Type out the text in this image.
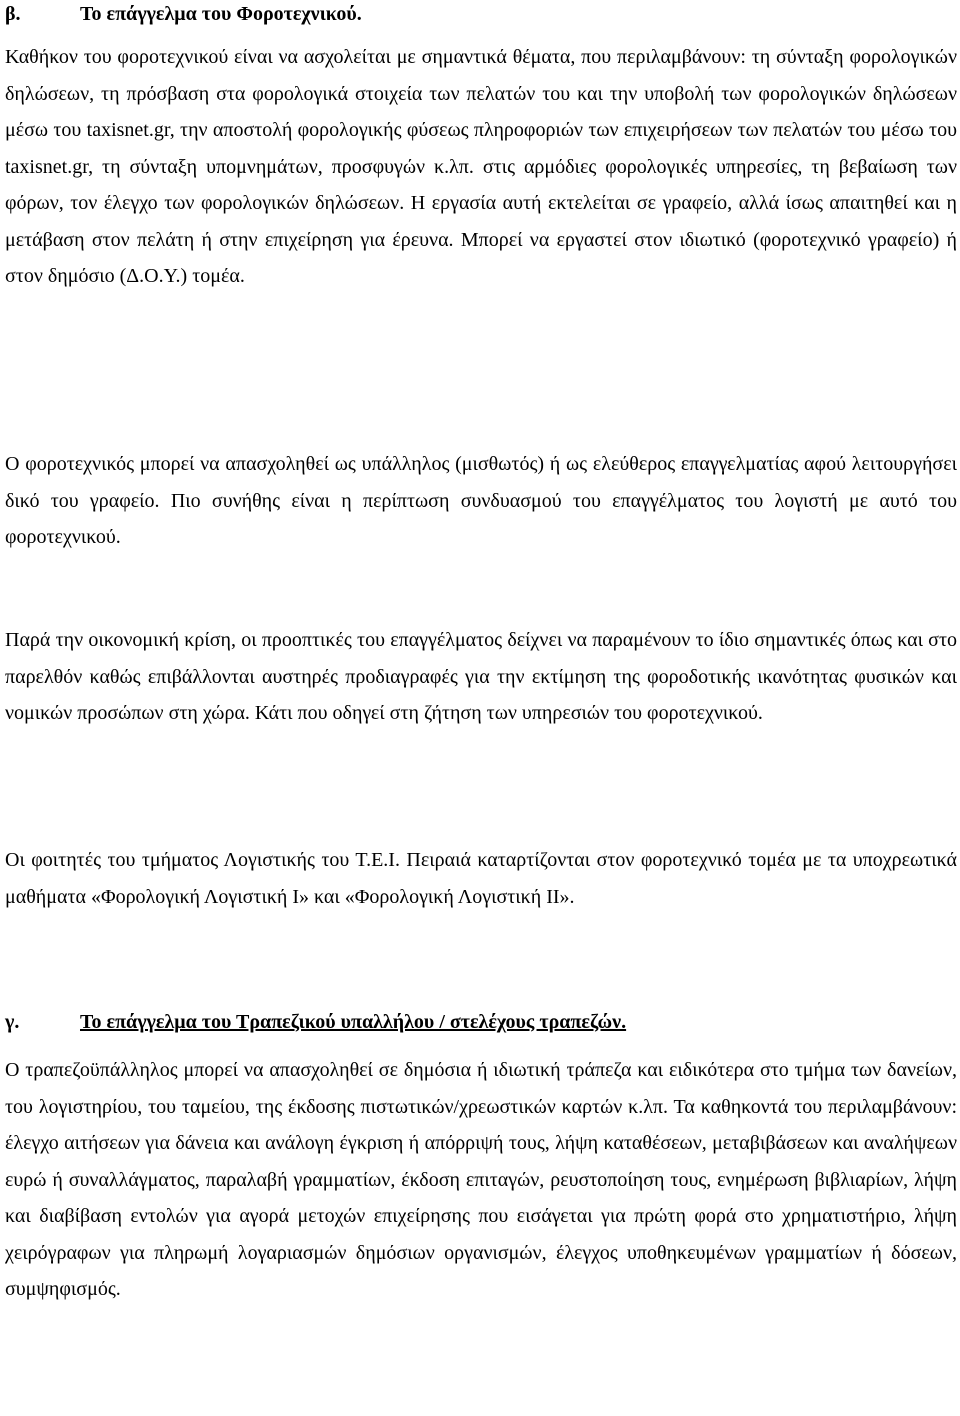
β.	Το επάγγελμα του Φοροτεχνικού.

Καθήκον του φοροτεχνικού είναι να ασχολείται με σημαντικά θέματα, που περιλαμβάνουν: τη σύνταξη φορολογικών δηλώσεων, τη πρόσβαση στα φορολογικά στοιχεία των πελατών του και την υποβολή των φορολογικών δηλώσεων μέσω του taxisnet.gr, την αποστολή φορολογικής φύσεως πληροφοριών των επιχειρήσεων των πελατών του μέσω του taxisnet.gr, τη σύνταξη υπομνημάτων, προσφυγών κ.λπ. στις αρμόδιες φορολογικές υπηρεσίες, τη βεβαίωση των φόρων, τον έλεγχο των φορολογικών δηλώσεων. Η εργασία αυτή εκτελείται σε γραφείο, αλλά ίσως απαιτηθεί και η μετάβαση στον πελάτη ή στην επιχείρηση για έρευνα. Μπορεί να εργαστεί στον ιδιωτικό (φοροτεχνικό γραφείο) ή στον δημόσιο (Δ.Ο.Υ.) τομέα.

Ο φοροτεχνικός μπορεί να απασχοληθεί ως υπάλληλος (μισθωτός) ή ως ελεύθερος επαγγελματίας αφού λειτουργήσει δικό του γραφείο. Πιο συνήθης είναι η περίπτωση συνδυασμού του επαγγέλματος του λογιστή με αυτό του φοροτεχνικού.

Παρά την οικονομική κρίση, οι προοπτικές του επαγγέλματος δείχνει να παραμένουν το ίδιο σημαντικές όπως και στο παρελθόν καθώς επιβάλλονται αυστηρές προδιαγραφές για την εκτίμηση της φοροδοτικής ικανότητας φυσικών και νομικών προσώπων στη χώρα. Κάτι που οδηγεί στη ζήτηση των υπηρεσιών του φοροτεχνικού.

Οι φοιτητές του τμήματος Λογιστικής του Τ.Ε.Ι. Πειραιά καταρτίζονται στον φοροτεχνικό τομέα με τα υποχρεωτικά μαθήματα «Φορολογική Λογιστική Ι» και «Φορολογική Λογιστική ΙΙ».

γ.	Το επάγγελμα του Τραπεζικού υπαλλήλου / στελέχους τραπεζών.

Ο τραπεζοϋπάλληλος μπορεί να απασχοληθεί σε δημόσια ή ιδιωτική τράπεζα και ειδικότερα στο τμήμα των δανείων, του λογιστηρίου, του ταμείου, της έκδοσης πιστωτικών/χρεωστικών καρτών κ.λπ. Τα καθηκοντά του περιλαμβάνουν: έλεγχο αιτήσεων για δάνεια και ανάλογη έγκριση ή απόρριψή τους, λήψη καταθέσεων, μεταβιβάσεων και αναλήψεων ευρώ ή συναλλάγματος, παραλαβή γραμματίων, έκδοση επιταγών, ρευστοποίηση τους, ενημέρωση βιβλιαρίων, λήψη και διαβίβαση εντολών για αγορά μετοχών επιχείρησης που εισάγεται για πρώτη φορά στο χρηματιστήριο, λήψη χειρόγραφων για πληρωμή λογαριασμών δημόσιων οργανισμών, έλεγχος υποθηκευμένων γραμματίων ή δόσεων, συμψηφισμός.
